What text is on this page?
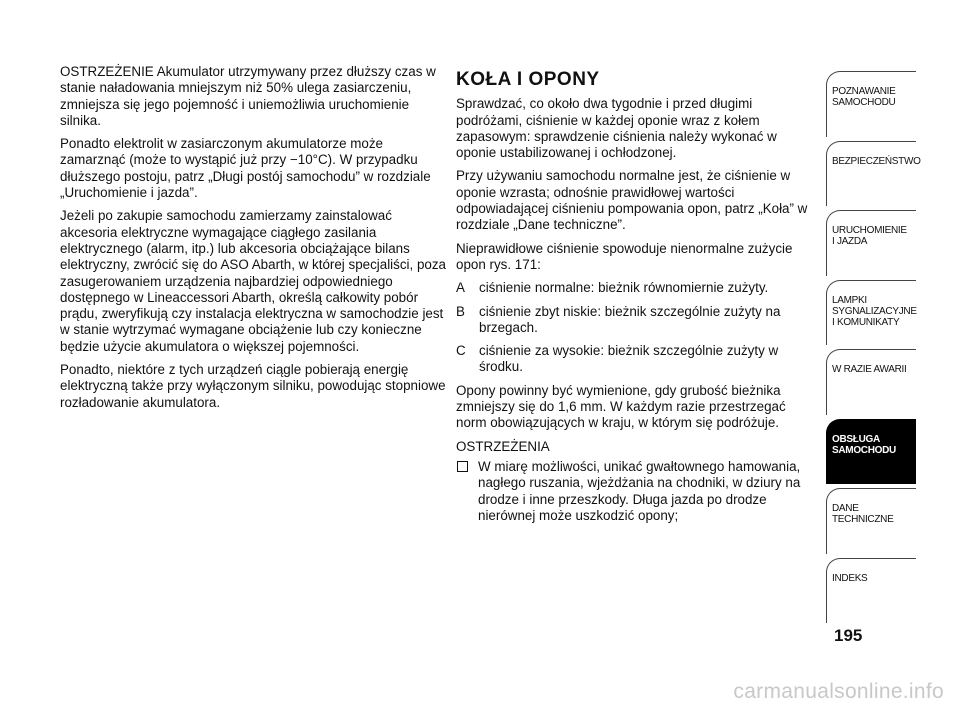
OSTRZEŻENIE Akumulator utrzymywany przez dłuższy czas w stanie naładowania mniejszym niż 50% ulega zasiarczeniu, zmniejsza się jego pojemność i uniemożliwia uruchomienie silnika.

Ponadto elektrolit w zasiarczonym akumulatorze może zamarznąć (może to wystąpić już przy −10°C). W przypadku dłuższego postoju, patrz „Długi postój samochodu” w rozdziale „Uruchomienie i jazda”.

Jeżeli po zakupie samochodu zamierzamy zainstalować akcesoria elektryczne wymagające ciągłego zasilania elektrycznego (alarm, itp.) lub akcesoria obciążające bilans elektryczny, zwrócić się do ASO Abarth, w której specjaliści, poza zasugerowaniem urządzenia najbardziej odpowiedniego dostępnego w Lineaccessori Abarth, określą całkowity pobór prądu, zweryfikują czy instalacja elektryczna w samochodzie jest w stanie wytrzymać wymagane obciążenie lub czy konieczne będzie użycie akumulatora o większej pojemności.

Ponadto, niektóre z tych urządzeń ciągle pobierają energię elektryczną także przy wyłączonym silniku, powodując stopniowe rozładowanie akumulatora.

KOŁA I OPONY

Sprawdzać, co około dwa tygodnie i przed długimi podróżami, ciśnienie w każdej oponie wraz z kołem zapasowym: sprawdzenie ciśnienia należy wykonać w oponie ustabilizowanej i ochłodzonej.

Przy używaniu samochodu normalne jest, że ciśnienie w oponie wzrasta; odnośnie prawidłowej wartości odpowiadającej ciśnieniu pompowania opon, patrz „Koła” w rozdziale „Dane techniczne”.

Nieprawidłowe ciśnienie spowoduje nienormalne zużycie opon rys. 171:

A	ciśnienie normalne: bieżnik równomiernie zużyty.
B	ciśnienie zbyt niskie: bieżnik szczególnie zużyty na brzegach.
C ciśnienie za wysokie: bieżnik szczególnie zużyty w środku.

Opony powinny być wymienione, gdy grubość bieżnika zmniejszy się do 1,6 mm. W każdym razie przestrzegać norm obowiązujących w kraju, w którym się podróżuje.

OSTRZEŻENIA

W miarę możliwości, unikać gwałtownego hamowania, nagłego ruszania, wjeżdżania na chodniki, w dziury na drodze i inne przeszkody. Długa jazda po drodze nierównej może uszkodzić opony;
POZNAWANIE
SAMOCHODU
BEZPIECZEŃSTWO
URUCHOMIENIE
I JAZDA
LAMPKI
SYGNALIZACYJNE
I KOMUNIKATY
W RAZIE AWARII
OBSŁUGA
SAMOCHODU
DANE
TECHNICZNE
INDEKS
195
carmanualsonline.info
